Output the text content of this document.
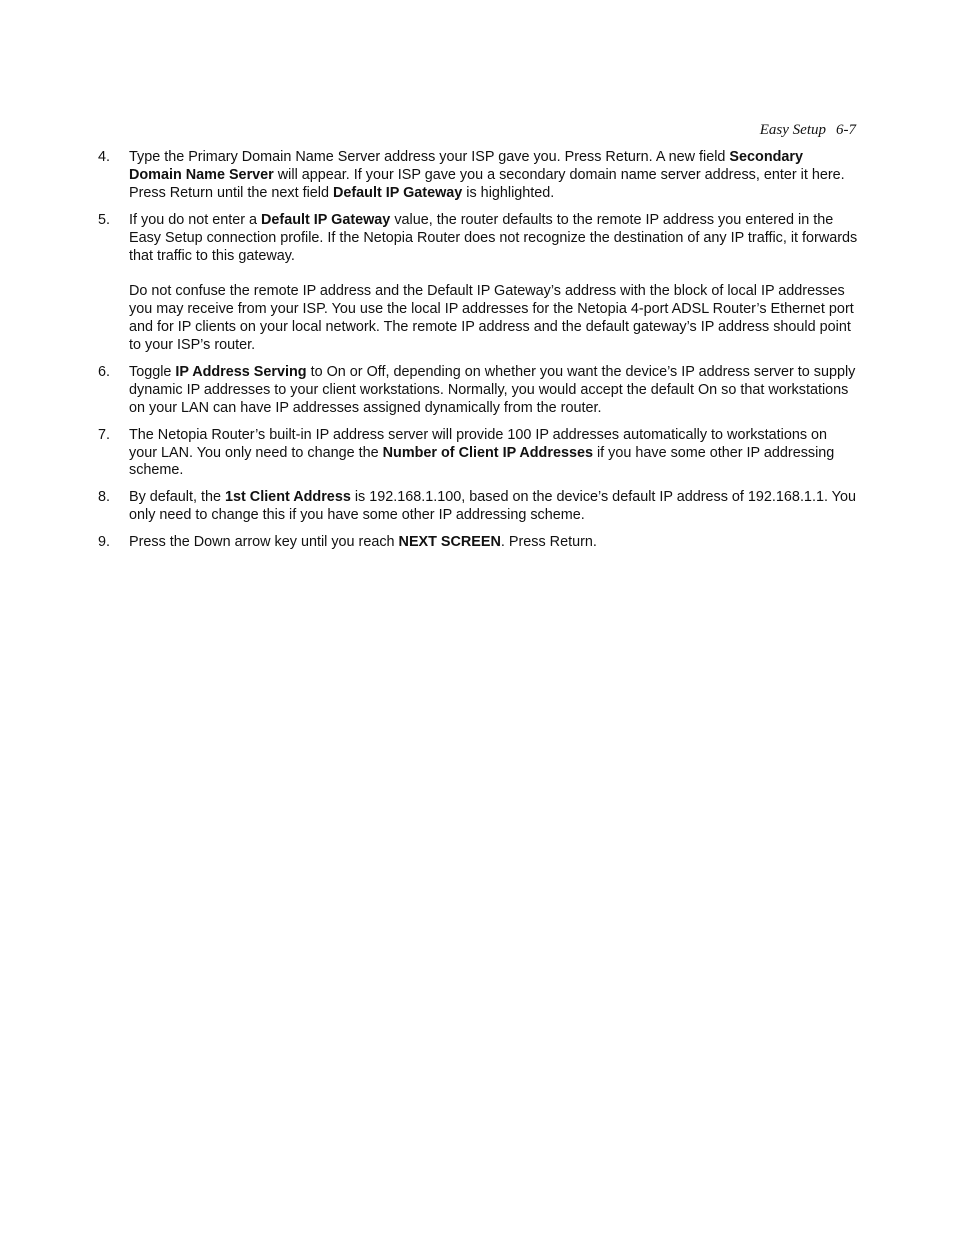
Easy Setup 6-7
4. Type the Primary Domain Name Server address your ISP gave you. Press Return. A new field Secondary Domain Name Server will appear. If your ISP gave you a secondary domain name server address, enter it here. Press Return until the next field Default IP Gateway is highlighted.

5. If you do not enter a Default IP Gateway value, the router defaults to the remote IP address you entered in the Easy Setup connection profile. If the Netopia Router does not recognize the destination of any IP traffic, it forwards that traffic to this gateway.

Do not confuse the remote IP address and the Default IP Gateway’s address with the block of local IP addresses you may receive from your ISP. You use the local IP addresses for the Netopia 4-port ADSL Router’s Ethernet port and for IP clients on your local network. The remote IP address and the default gateway’s IP address should point to your ISP’s router.

6. Toggle IP Address Serving to On or Off, depending on whether you want the device’s IP address server to supply dynamic IP addresses to your client workstations. Normally, you would accept the default On so that workstations on your LAN can have IP addresses assigned dynamically from the router.

7. The Netopia Router’s built-in IP address server will provide 100 IP addresses automatically to workstations on your LAN. You only need to change the Number of Client IP Addresses if you have some other IP addressing scheme.

8. By default, the 1st Client Address is 192.168.1.100, based on the device’s default IP address of 192.168.1.1. You only need to change this if you have some other IP addressing scheme.

9. Press the Down arrow key until you reach NEXT SCREEN. Press Return.
